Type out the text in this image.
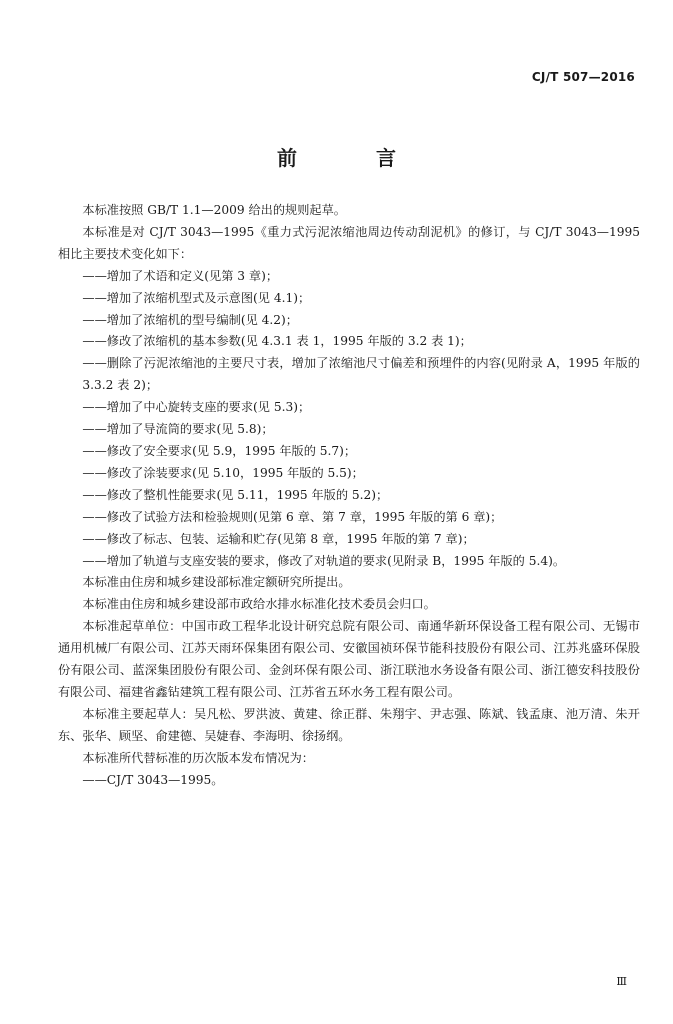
CJ/T 507—2016
前 言

本标准按照 GB/T 1.1—2009 给出的规则起草。

本标准是对 CJ/T 3043—1995《重力式污泥浓缩池周边传动刮泥机》的修订，与 CJ/T 3043—1995 相比主要技术变化如下：

——增加了术语和定义(见第 3 章)；

——增加了浓缩机型式及示意图(见 4.1)；

——增加了浓缩机的型号编制(见 4.2)；

——修改了浓缩机的基本参数(见 4.3.1 表 1，1995 年版的 3.2 表 1)；

——删除了污泥浓缩池的主要尺寸表，增加了浓缩池尺寸偏差和预埋件的内容(见附录 A，1995 年版的 3.3.2 表 2)；

——增加了中心旋转支座的要求(见 5.3)；

——增加了导流筒的要求(见 5.8)；

——修改了安全要求(见 5.9，1995 年版的 5.7)；

——修改了涂装要求(见 5.10，1995 年版的 5.5)；

——修改了整机性能要求(见 5.11，1995 年版的 5.2)；

——修改了试验方法和检验规则(见第 6 章、第 7 章，1995 年版的第 6 章)；

——修改了标志、包装、运输和贮存(见第 8 章，1995 年版的第 7 章)；

——增加了轨道与支座安装的要求，修改了对轨道的要求(见附录 B，1995 年版的 5.4)。

本标准由住房和城乡建设部标准定额研究所提出。

本标准由住房和城乡建设部市政给水排水标准化技术委员会归口。

本标准起草单位：中国市政工程华北设计研究总院有限公司、南通华新环保设备工程有限公司、无锡市通用机械厂有限公司、江苏天雨环保集团有限公司、安徽国祯环保节能科技股份有限公司、江苏兆盛环保股份有限公司、蓝深集团股份有限公司、金剑环保有限公司、浙江联池水务设备有限公司、浙江德安科技股份有限公司、福建省鑫钻建筑工程有限公司、江苏省五环水务工程有限公司。

本标准主要起草人：吴凡松、罗洪波、黄建、徐正群、朱翔宇、尹志强、陈斌、钱孟康、池万清、朱开东、张华、顾坚、俞建德、吴婕春、李海明、徐扬纲。

本标准所代替标准的历次版本发布情况为：

——CJ/T 3043—1995。

Ⅲ
